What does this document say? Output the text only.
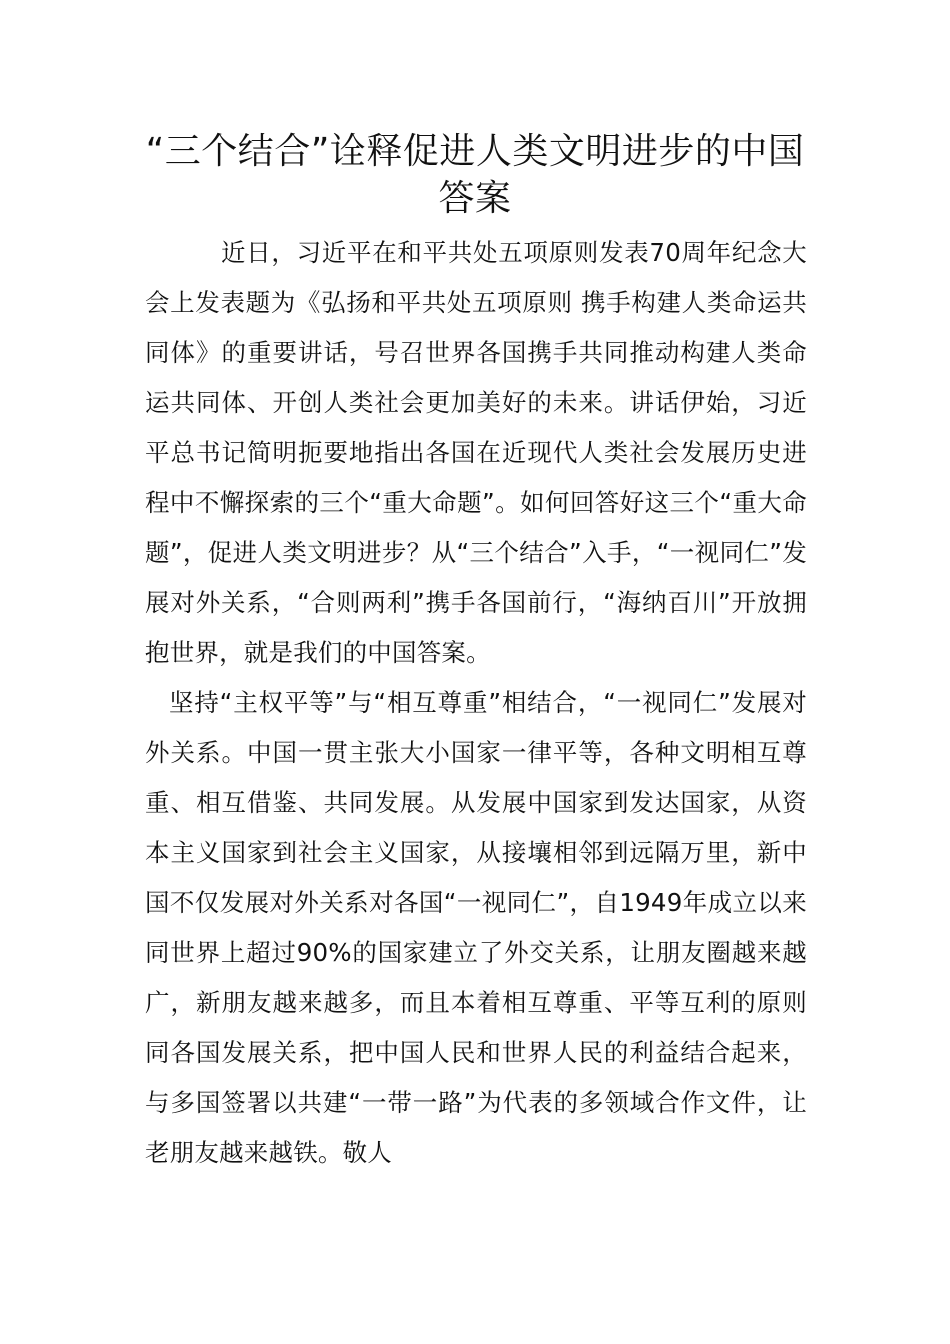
“三个结合”诠释促进人类文明进步的中国答案

近日，习近平在和平共处五项原则发表70周年纪念大会上发表题为《弘扬和平共处五项原则 携手构建人类命运共同体》的重要讲话，号召世界各国携手共同推动构建人类命运共同体、开创人类社会更加美好的未来。讲话伊始，习近平总书记简明扼要地指出各国在近现代人类社会发展历史进程中不懈探索的三个“重大命题”。如何回答好这三个“重大命题”，促进人类文明进步？从“三个结合”入手，“一视同仁”发展对外关系，“合则两利”携手各国前行，“海纳百川”开放拥抱世界，就是我们的中国答案。

坚持“主权平等”与“相互尊重”相结合，“一视同仁”发展对外关系。中国一贯主张大小国家一律平等，各种文明相互尊重、相互借鉴、共同发展。从发展中国家到发达国家，从资本主义国家到社会主义国家，从接壤相邻到远隔万里，新中国不仅发展对外关系对各国“一视同仁”，自1949年成立以来同世界上超过90%的国家建立了外交关系，让朋友圈越来越广，新朋友越来越多，而且本着相互尊重、平等互利的原则同各国发展关系，把中国人民和世界人民的利益结合起来，与多国签署以共建“一带一路”为代表的多领域合作文件，让老朋友越来越铁。敬人
